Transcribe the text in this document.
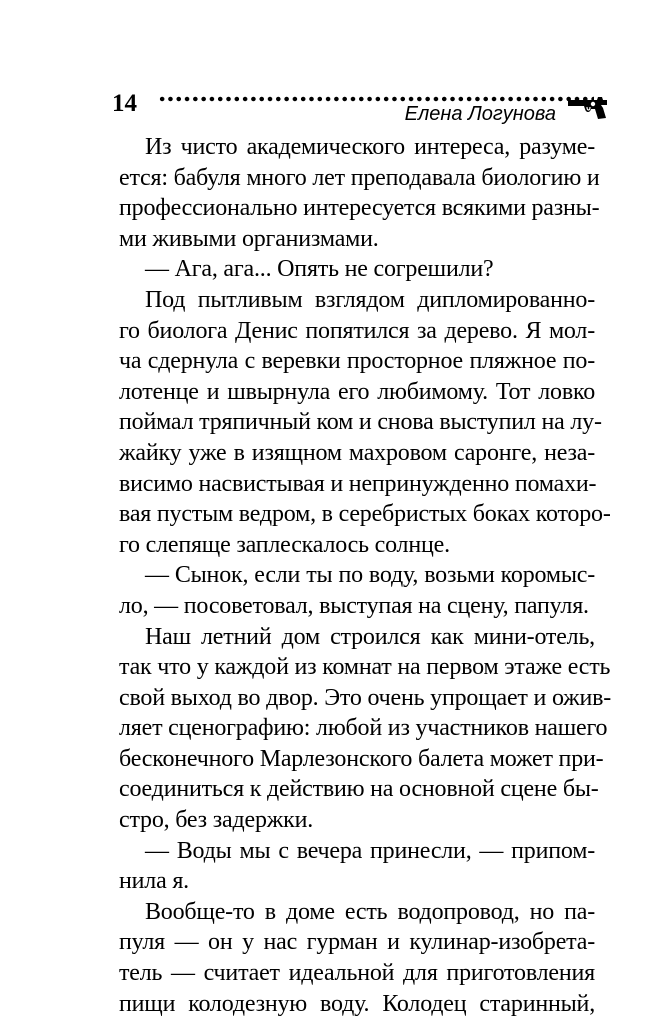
14	Елена Логунова
Из чисто академического интереса, разуме-
ется: бабуля много лет преподавала биологию и
профессионально интересуется всякими разны-
ми живыми организмами.
— Ага, ага... Опять не согрешили?
Под пытливым взглядом дипломированно-
го биолога Денис попятился за дерево. Я мол-
ча сдернула с веревки просторное пляжное по-
лотенце и швырнула его любимому. Тот ловко
поймал тряпичный ком и снова выступил на лу-
жайку уже в изящном махровом саронге, неза-
висимо насвистывая и непринужденно помахи-
вая пустым ведром, в серебристых боках которо-
го слепяще заплескалось солнце.
— Сынок, если ты по воду, возьми коромыс-
ло, — посоветовал, выступая на сцену, папуля.
Наш летний дом строился как мини-отель,
так что у каждой из комнат на первом этаже есть
свой выход во двор. Это очень упрощает и ожив-
ляет сценографию: любой из участников нашего
бесконечного Марлезонского балета может при-
соединиться к действию на основной сцене бы-
стро, без задержки.
— Воды мы с вечера принесли, — припом-
нила я.
Вообще-то в доме есть водопровод, но па-
пуля — он у нас гурман и кулинар-изобрета-
тель — считает идеальной для приготовления
пищи колодезную воду. Колодец старинный,
